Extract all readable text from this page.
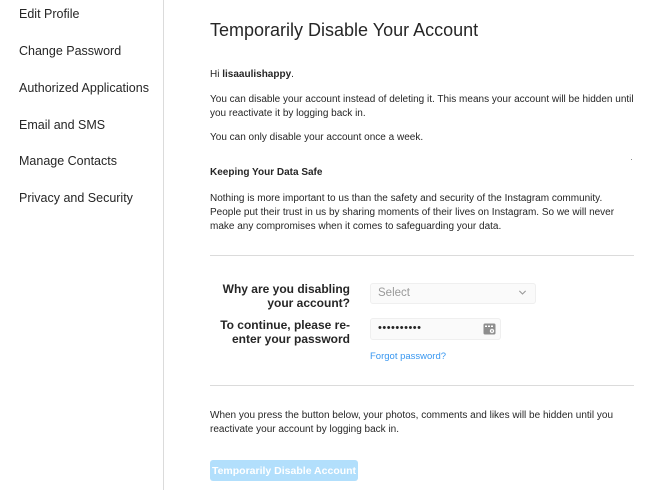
Edit Profile
Change Password
Authorized Applications
Email and SMS
Manage Contacts
Privacy and Security
Temporarily Disable Your Account

Hi lisaaulishappy.

You can disable your account instead of deleting it. This means your account will be hidden until you reactivate it by logging back in.

You can only disable your account once a week.

Keeping Your Data Safe

Nothing is more important to us than the safety and security of the Instagram community. People put their trust in us by sharing moments of their lives on Instagram. So we will never make any compromises when it comes to safeguarding your data.

Why are you disabling your account?
Select
To continue, please re-enter your password
••••••••••
Forgot password?

When you press the button below, your photos, comments and likes will be hidden until you reactivate your account by logging back in.

Temporarily Disable Account
